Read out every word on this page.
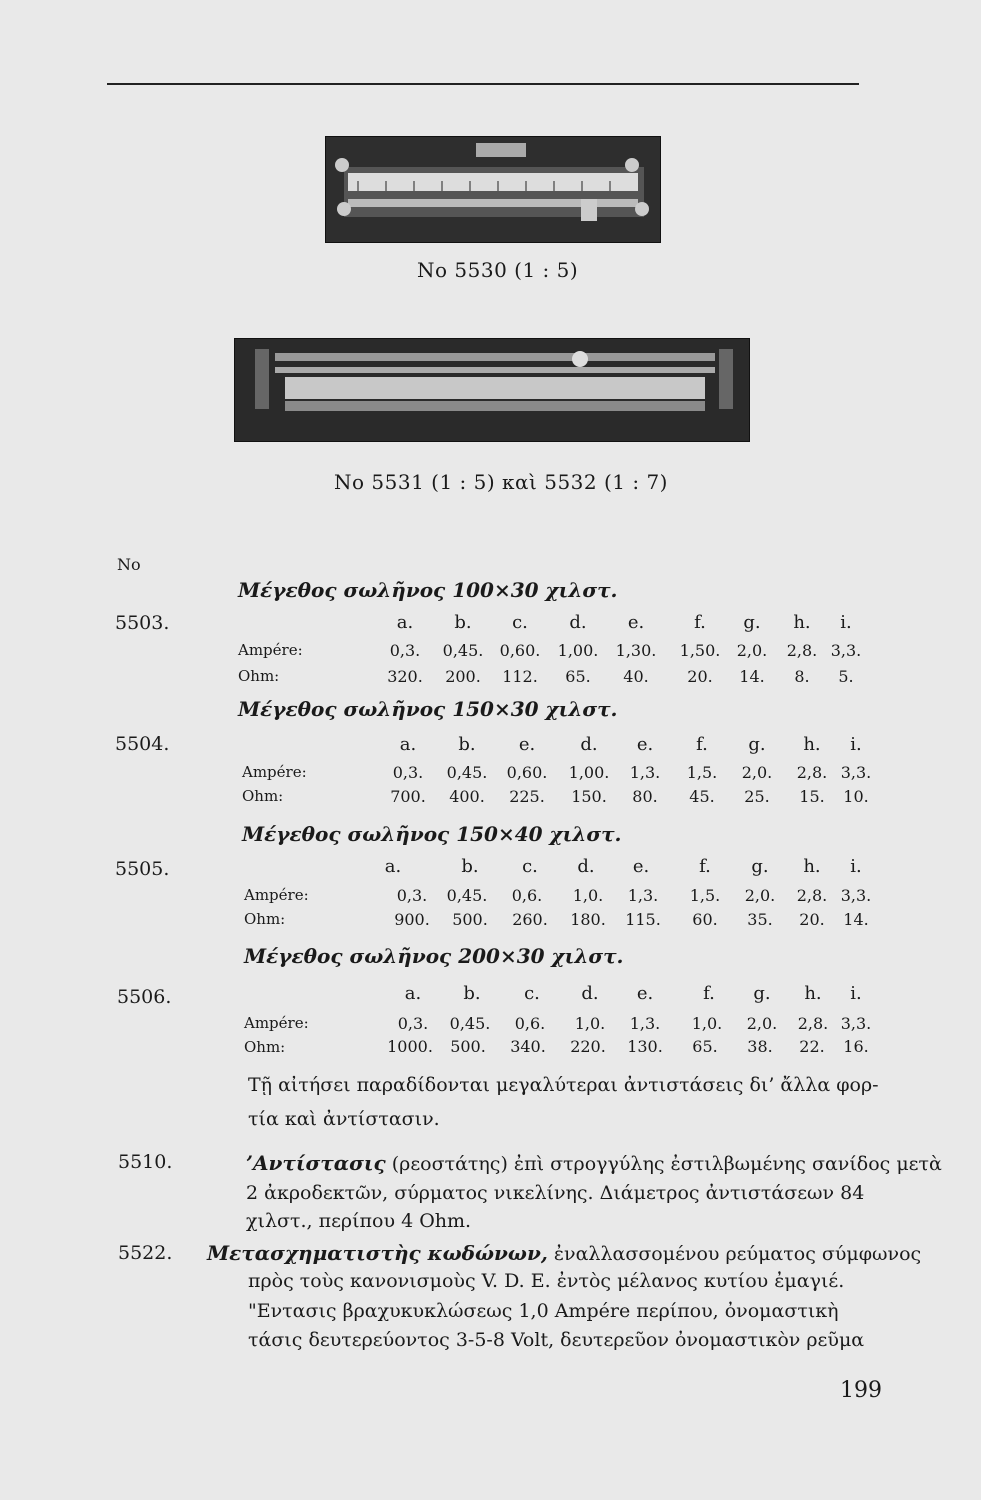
No 5530 (1 : 5)
No 5531 (1 : 5) καὶ 5532 (1 : 7)
No
Μέγεθος σωλῆνος 100×30 χιλστ.
5503.	a. b. c. d. e.	f. g. h. i.
Ampére:	0,3. 0,45. 0,60. 1,00. 1,30. 1,50. 2,0. 2,8. 3,3.
Ohm:	320. 200. 112. 65. 40. 20. 14. 8. 5.
Μέγεθος σωλῆνος 150×30 χιλστ.
5504.	a. b. e.	d. e. f. g. h. i.
Ampére:	0,3. 0,45. 0,60. 1,00. 1,3. 1,5. 2,0. 2,8. 3,3.
Ohm:	700. 400. 225. 150. 80. 45. 25. 15. 10.
Μέγεθος σωλῆνος 150×40 χιλστ.
5505.	a.	b. c. d. e.	f. g. h. i.
Ampére:	0,3. 0,45. 0,6. 1,0. 1,3. 1,5. 2,0. 2,8. 3,3.
Ohm:	900. 500. 260. 180. 115. 60. 35. 20. 14.
Μέγεθος σωλῆνος 200×30 χιλστ.
5506.	a. b. c. d. e.	f. g. h. i.
Ampére:	0,3. 0,45. 0,6. 1,0. 1,3. 1,0. 2,0. 2,8. 3,3.
Ohm:	1000. 500. 340. 220. 130. 65. 38. 22. 16.
Τῇ αἰτήσει παραδίδονται μεγαλύτεραι ἀντιστάσεις δι’ ἄλλα φορ-
τία καὶ ἀντίστασιν.
5510.	’Αντίστασις (ρεοστάτης) ἐπὶ στρογγύλης ἐστιλβωμένης σανίδος μετὰ
2 ἀκροδεκτῶν, σύρματος νικελίνης. Διάμετρος ἀντιστάσεων 84
χιλστ., περίπου 4 Ohm.
5522. Μετασχηματιστὴς κωδώνων, ἐναλλασσομένου ρεύματος σύμφωνος
πρὸς τοὺς κανονισμοὺς V. D. E. ἐντὸς μέλανος κυτίου ἐμαγιέ.
"Εντασις βραχυκυκλώσεως 1,0 Ampére περίπου, ὀνομαστικὴ
τάσις δευτερεύοντος 3-5-8 Volt, δευτερεῦον ὀνομαστικὸν ρεῦμα
199
